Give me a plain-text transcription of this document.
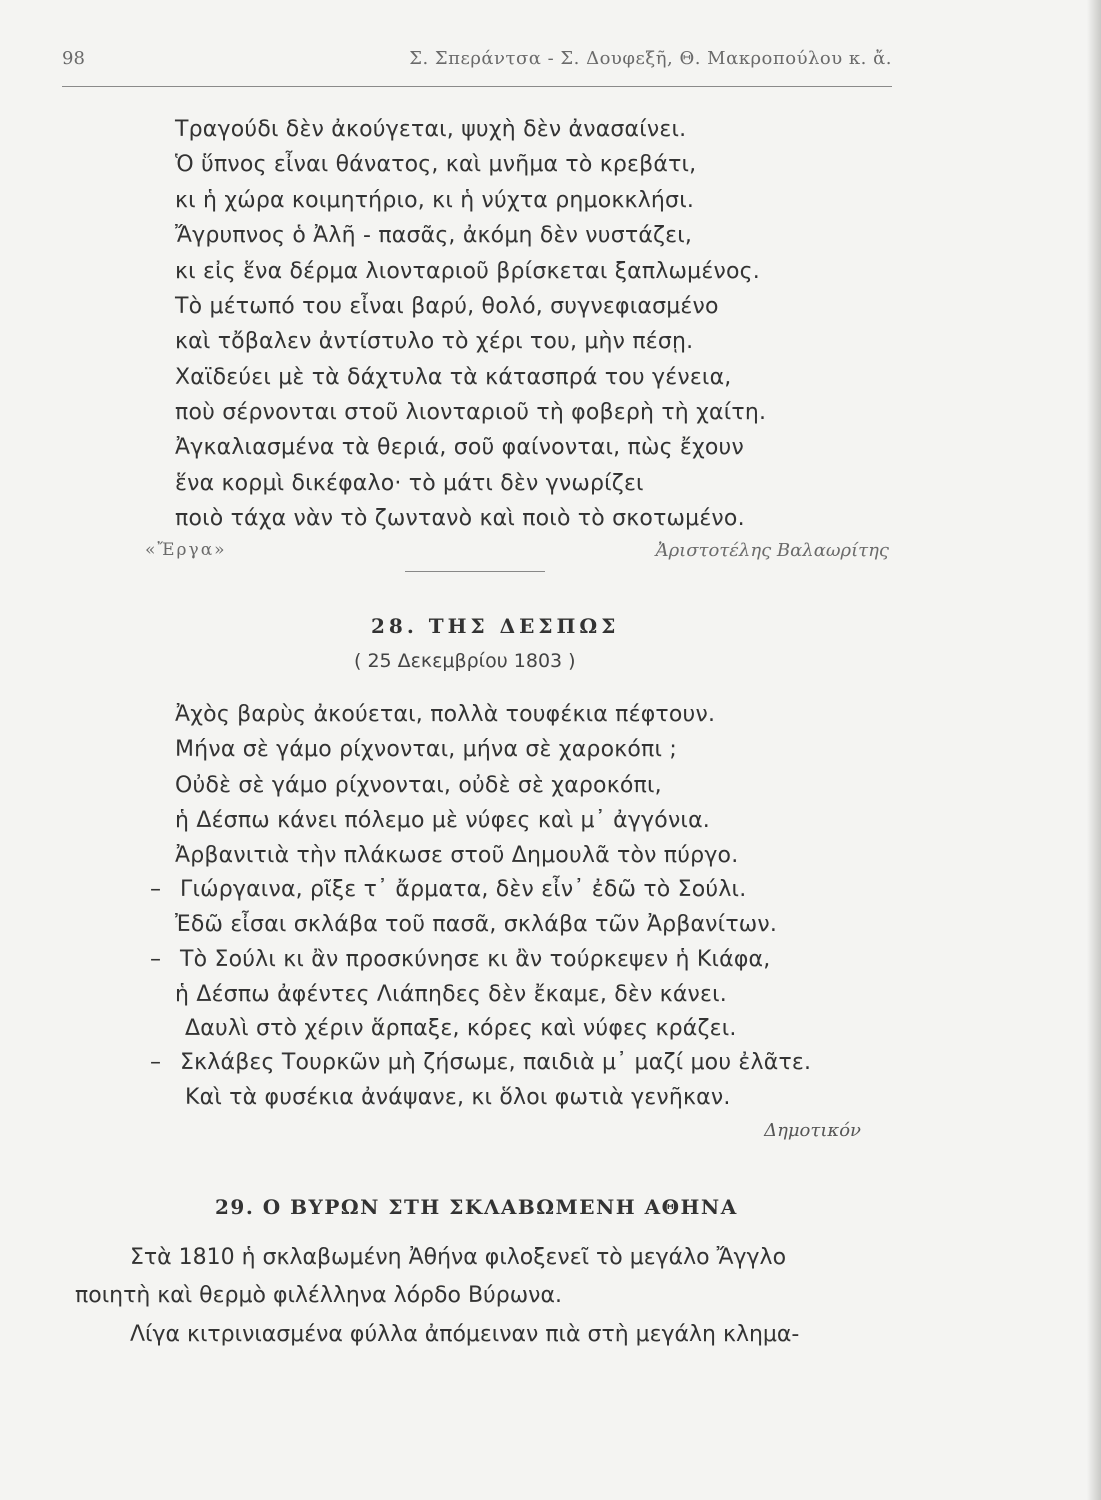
98	Σ. Σπεράντσα - Σ. Δουφεξῆ, Θ. Μακροπούλου κ. ἄ.
Τραγούδι δὲν ἀκούγεται, ψυχὴ δὲν ἀνασαίνει.
Ὁ ὕπνος εἶναι θάνατος, καὶ μνῆμα τὸ κρεβάτι,
κι ἡ χώρα κοιμητήριο, κι ἡ νύχτα ρημοκκλήσι.
Ἄγρυπνος ὁ Ἀλῆ - πασᾶς, ἀκόμη δὲν νυστάζει,
κι εἰς ἕνα δέρμα λιονταριοῦ βρίσκεται ξαπλωμένος.
Τὸ μέτωπό του εἶναι βαρύ, θολό, συγνεφιασμένο
καὶ τὄβαλεν ἀντίστυλο τὸ χέρι του, μὴν πέσῃ.
Χαϊδεύει μὲ τὰ δάχτυλα τὰ κάτασπρά του γένεια,
ποὺ σέρνονται στοῦ λιονταριοῦ τὴ φοβερὴ τὴ χαίτη.
Ἀγκαλιασμένα τὰ θεριά, σοῦ φαίνονται, πὼς ἔχουν
ἕνα κορμὶ δικέφαλο· τὸ μάτι δὲν γνωρίζει
ποιὸ τάχα νὰν τὸ ζωντανὸ καὶ ποιὸ τὸ σκοτωμένο.
«Ἔργα»	Ἀριστοτέλης Βαλαωρίτης
28. ΤΗΣ ΔΕΣΠΩΣ
( 25 Δεκεμβρίου 1803 )
Ἀχὸς βαρὺς ἀκούεται, πολλὰ τουφέκια πέφτουν.
Μήνα σὲ γάμο ρίχνονται, μήνα σὲ χαροκόπι ;
Οὐδὲ σὲ γάμο ρίχνονται, οὐδὲ σὲ χαροκόπι,
ἡ Δέσπω κάνει πόλεμο μὲ νύφες καὶ μ᾽ ἀγγόνια.
Ἀρβανιτιὰ τὴν πλάκωσε στοῦ Δημουλᾶ τὸν πύργο.
– Γιώργαινα, ρῖξε τ᾽ ἄρματα, δὲν εἶν᾽ ἐδῶ τὸ Σούλι.
Ἐδῶ εἶσαι σκλάβα τοῦ πασᾶ, σκλάβα τῶν Ἀρβανίτων.
– Τὸ Σούλι κι ἂν προσκύνησε κι ἂν τούρκεψεν ἡ Κιάφα,
ἡ Δέσπω ἀφέντες Λιάπηδες δὲν ἔκαμε, δὲν κάνει.
Δαυλὶ στὸ χέριν ἅρπαξε, κόρες καὶ νύφες κράζει.
– Σκλάβες Τουρκῶν μὴ ζήσωμε, παιδιὰ μ᾽ μαζί μου ἐλᾶτε.
Καὶ τὰ φυσέκια ἀνάψανε, κι ὅλοι φωτιὰ γενῆκαν.
Δημοτικόν
29. Ο ΒΥΡΩΝ ΣΤΗ ΣΚΛΑΒΩΜΕΝΗ ΑΘΗΝΑ
Στὰ 1810 ἡ σκλαβωμένη Ἀθήνα φιλοξενεῖ τὸ μεγάλο Ἄγγλο
ποιητὴ καὶ θερμὸ φιλέλληνα λόρδο Βύρωνα.
Λίγα κιτρινιασμένα φύλλα ἀπόμειναν πιὰ στὴ μεγάλη κλημα-
